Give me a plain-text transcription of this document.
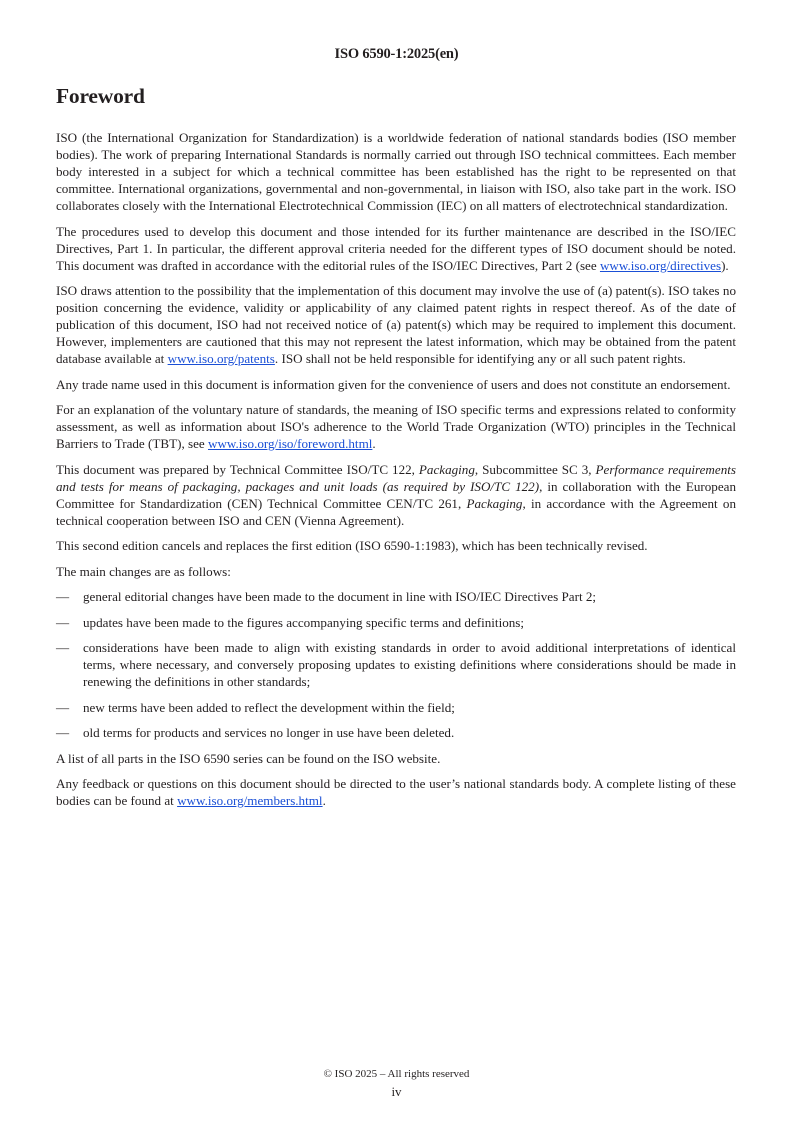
ISO 6590-1:2025(en)
Foreword

ISO (the International Organization for Standardization) is a worldwide federation of national standards bodies (ISO member bodies). The work of preparing International Standards is normally carried out through ISO technical committees. Each member body interested in a subject for which a technical committee has been established has the right to be represented on that committee. International organizations, governmental and non-governmental, in liaison with ISO, also take part in the work. ISO collaborates closely with the International Electrotechnical Commission (IEC) on all matters of electrotechnical standardization.

The procedures used to develop this document and those intended for its further maintenance are described in the ISO/IEC Directives, Part 1. In particular, the different approval criteria needed for the different types of ISO document should be noted. This document was drafted in accordance with the editorial rules of the ISO/IEC Directives, Part 2 (see www.iso.org/directives).

ISO draws attention to the possibility that the implementation of this document may involve the use of (a) patent(s). ISO takes no position concerning the evidence, validity or applicability of any claimed patent rights in respect thereof. As of the date of publication of this document, ISO had not received notice of (a) patent(s) which may be required to implement this document. However, implementers are cautioned that this may not represent the latest information, which may be obtained from the patent database available at www.iso.org/patents. ISO shall not be held responsible for identifying any or all such patent rights.

Any trade name used in this document is information given for the convenience of users and does not constitute an endorsement.

For an explanation of the voluntary nature of standards, the meaning of ISO specific terms and expressions related to conformity assessment, as well as information about ISO's adherence to the World Trade Organization (WTO) principles in the Technical Barriers to Trade (TBT), see www.iso.org/iso/foreword.html.

This document was prepared by Technical Committee ISO/TC 122, Packaging, Subcommittee SC 3, Performance requirements and tests for means of packaging, packages and unit loads (as required by ISO/TC 122), in collaboration with the European Committee for Standardization (CEN) Technical Committee CEN/TC 261, Packaging, in accordance with the Agreement on technical cooperation between ISO and CEN (Vienna Agreement).

This second edition cancels and replaces the first edition (ISO 6590-1:1983), which has been technically revised.

The main changes are as follows:

— general editorial changes have been made to the document in line with ISO/IEC Directives Part 2;
— updates have been made to the figures accompanying specific terms and definitions;
— considerations have been made to align with existing standards in order to avoid additional interpretations of identical terms, where necessary, and conversely proposing updates to existing definitions where considerations should be made in renewing the definitions in other standards;
— new terms have been added to reflect the development within the field;
— old terms for products and services no longer in use have been deleted.

A list of all parts in the ISO 6590 series can be found on the ISO website.

Any feedback or questions on this document should be directed to the user’s national standards body. A complete listing of these bodies can be found at www.iso.org/members.html.

© ISO 2025 – All rights reserved
iv
